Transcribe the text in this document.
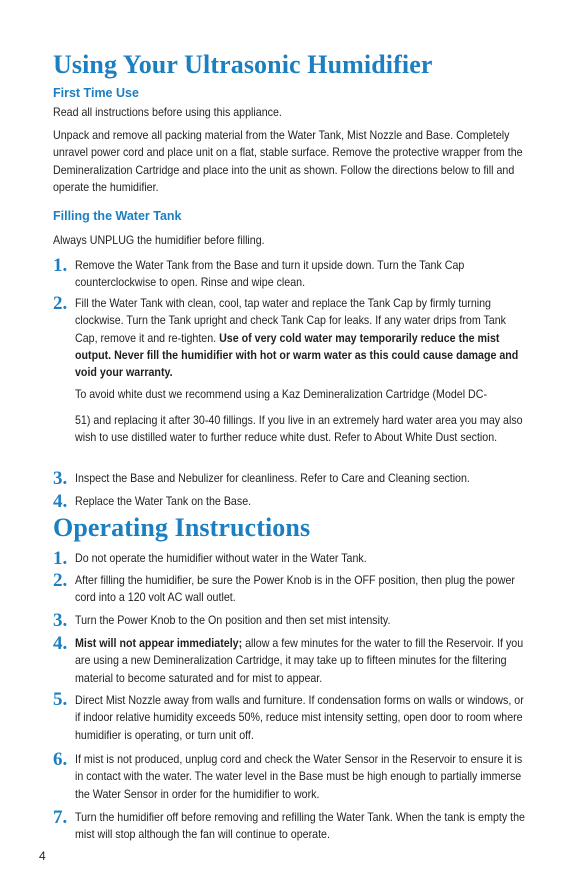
Using Your Ultrasonic Humidifier
First Time Use

Read all instructions before using this appliance.

Unpack and remove all packing material from the Water Tank, Mist Nozzle and Base. Completely unravel power cord and place unit on a flat, stable surface. Remove the protective wrapper from the Demineralization Cartridge and place into the unit as shown. Follow the directions below to fill and operate the humidifier.

Filling the Water Tank

Always UNPLUG the humidifier before filling.

1. Remove the Water Tank from the Base and turn it upside down. Turn the Tank Cap counterclockwise to open. Rinse and wipe clean.

2. Fill the Water Tank with clean, cool, tap water and replace the Tank Cap by firmly turning clockwise. Turn the Tank upright and check Tank Cap for leaks. If any water drips from Tank Cap, remove it and re-tighten. Use of very cold water may temporarily reduce the mist output. Never fill the humidifier with hot or warm water as this could cause damage and void your warranty.

To avoid white dust we recommend using a Kaz Demineralization Cartridge (Model DC-

51) and replacing it after 30-40 fillings. If you live in an extremely hard water area you may also wish to use distilled water to further reduce white dust. Refer to About White Dust section.

3. Inspect the Base and Nebulizer for cleanliness. Refer to Care and Cleaning section.

4. Replace the Water Tank on the Base.

Operating Instructions
1. Do not operate the humidifier without water in the Water Tank.

2. After filling the humidifier, be sure the Power Knob is in the OFF position, then plug the power cord into a 120 volt AC wall outlet.

3. Turn the Power Knob to the On position and then set mist intensity.

4. Mist will not appear immediately; allow a few minutes for the water to fill the Reservoir. If you are using a new Demineralization Cartridge, it may take up to fifteen minutes for the filtering material to become saturated and for mist to appear.

5. Direct Mist Nozzle away from walls and furniture. If condensation forms on walls or windows, or if indoor relative humidity exceeds 50%, reduce mist intensity setting, open door to room where humidifier is operating, or turn unit off.

6. If mist is not produced, unplug cord and check the Water Sensor in the Reservoir to ensure it is in contact with the water. The water level in the Base must be high enough to partially immerse the Water Sensor in order for the humidifier to work.

7. Turn the humidifier off before removing and refilling the Water Tank. When the tank is empty the mist will stop although the fan will continue to operate.

4
